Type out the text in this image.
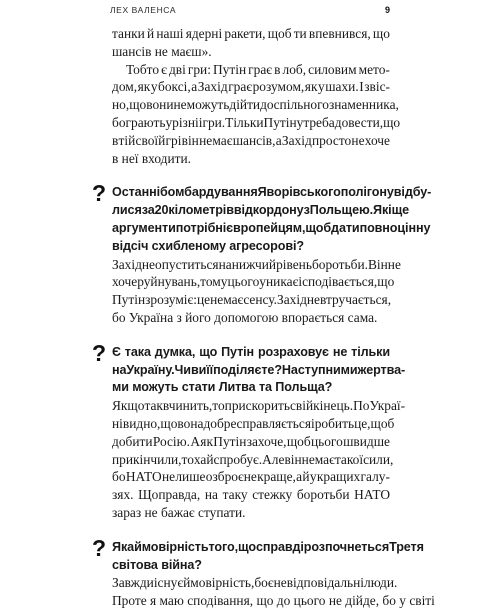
ЛЕХ ВАЛЕНСА	9
танки й наші ядерні ракети, щоб ти впевнився, що
шансів не маєш».
Тобто є дві гри: Путін грає в лоб, силовим мето-
дом, як у боксі, а Захід грає розумом, як у шахи. І звіс-
но, що вони не можуть дійти до спільного знаменника,
бо грають у різні ігри. Тільки Путіну треба довести, що
в тій своїй грі він не має шансів, а Захід просто не хоче
в неї входити.
? Останні бомбардування Яворівського полігону відбу-
лися за 20 кілометрів від кордону з Польщею. Які ще
аргументи потрібні європейцям, щоб дати повноцінну
відсіч схибленому агресорові?
Захід не опуститься на нижчий рівень боротьби. Він не
хоче руйнувань, тому цього уникає і сподівається, що
Путін зрозуміє: це не має сенсу. Захід не втручається,
бо Україна з його допомогою впорається сама.
? Є така думка, що Путін розраховує не тільки
на Україну. Чи ви її поділяєте? Наступними жертва-
ми можуть стати Литва та Польща?
Якщо так вчинить, то прискорить свій кінець. По Украї-
ні видно, що вона добре справляється і робить це, щоб
добити Росію. А як Путін захоче, щоб цього швидше
прикінчили, то хай спробує. Але він не має такої сили,
бо НАТО не лише озброєне краще, а й у кращих галу-
зях. Щоправда, на таку стежку боротьби НАТО
зараз не бажає ступати.
? Яка ймовірність того, що справді розпочнеться Третя
світова війна?
Завжди існує ймовірність, бо є невідповідальні люди.
Проте я маю сподівання, що до цього не дійде, бо у світі
